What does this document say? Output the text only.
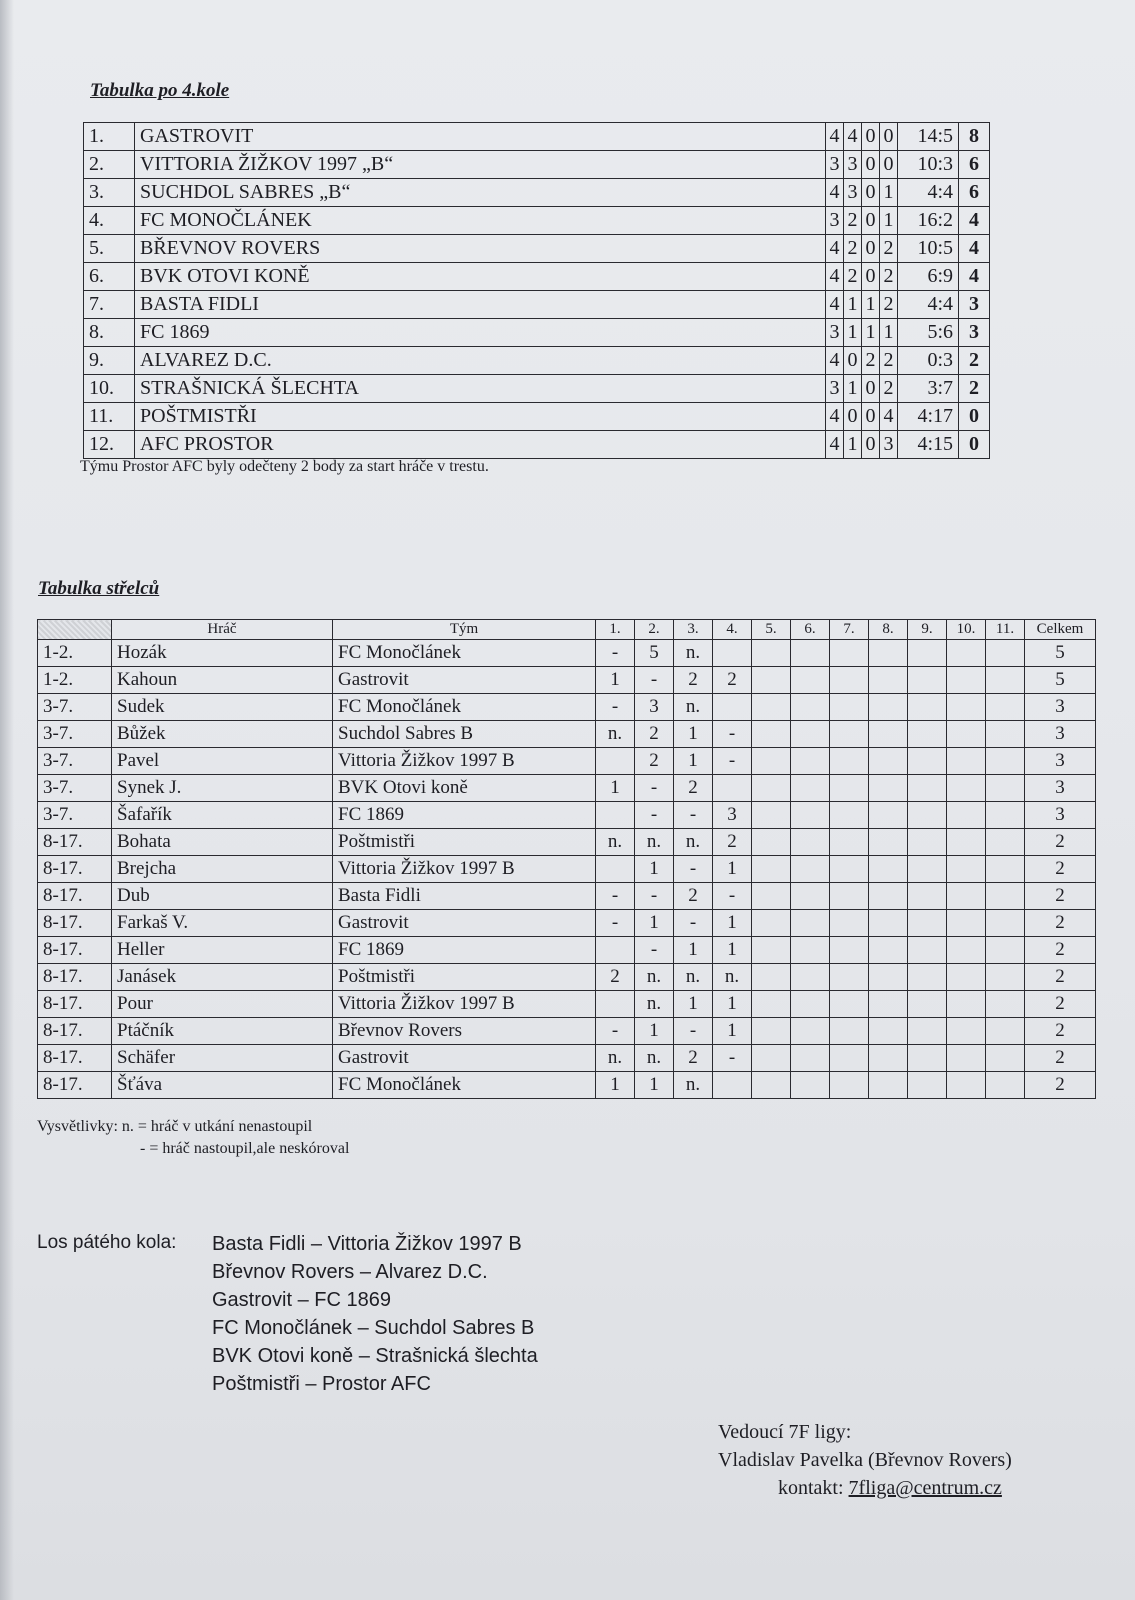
Tabulka po 4.kole
1.	GASTROVIT	4	4	0	0	14:5	8
2.	VITTORIA ŽIŽKOV 1997 „B“	3	3	0	0	10:3	6
3.	SUCHDOL SABRES „B“	4	3	0	1	4:4	6
4.	FC MONOČLÁNEK	3	2	0	1	16:2	4
5.	BŘEVNOV ROVERS	4	2	0	2	10:5	4
6.	BVK OTOVI KONĚ	4	2	0	2	6:9	4
7.	BASTA FIDLI	4	1	1	2	4:4	3
8.	FC 1869	3	1	1	1	5:6	3
9.	ALVAREZ D.C.	4	0	2	2	0:3	2
10.	STRAŠNICKÁ ŠLECHTA	3	1	0	2	3:7	2
11.	POŠTMISTŘI	4	0	0	4	4:17	0
12.	AFC PROSTOR	4	1	0	3	4:15	0
Týmu Prostor AFC byly odečteny 2 body za start hráče v trestu.
Tabulka střelců
	Hráč	Tým	1.	2.	3.	4.	5.	6.	7.	8.	9.	10.	11.	Celkem
1-2.	Hozák	FC Monočlánek	-	5	n.									5
1-2.	Kahoun	Gastrovit	1	-	2	2								5
3-7.	Sudek	FC Monočlánek	-	3	n.									3
3-7.	Bůžek	Suchdol Sabres B	n.	2	1	-								3
3-7.	Pavel	Vittoria Žižkov 1997 B		2	1	-								3
3-7.	Synek J.	BVK Otovi koně	1	-	2									3
3-7.	Šafařík	FC 1869		-	-	3								3
8-17.	Bohata	Poštmistři	n.	n.	n.	2								2
8-17.	Brejcha	Vittoria Žižkov 1997 B		1	-	1								2
8-17.	Dub	Basta Fidli	-	-	2	-								2
8-17.	Farkaš V.	Gastrovit	-	1	-	1								2
8-17.	Heller	FC 1869		-	1	1								2
8-17.	Janásek	Poštmistři	2	n.	n.	n.								2
8-17.	Pour	Vittoria Žižkov 1997 B		n.	1	1								2
8-17.	Ptáčník	Břevnov Rovers	-	1	-	1								2
8-17.	Schäfer	Gastrovit	n.	n.	2	-								2
8-17.	Šťáva	FC Monočlánek	1	1	n.									2
Vysvětlivky: n. = hráč v utkání nenastoupil
- = hráč nastoupil,ale neskóroval
Los pátého kola: Basta Fidli – Vittoria Žižkov 1997 B
Břevnov Rovers – Alvarez D.C.
Gastrovit – FC 1869
FC Monočlánek – Suchdol Sabres B
BVK Otovi koně – Strašnická šlechta
Poštmistři – Prostor AFC
Vedoucí 7F ligy:
Vladislav Pavelka (Břevnov Rovers)
kontakt: 7fliga@centrum.cz
